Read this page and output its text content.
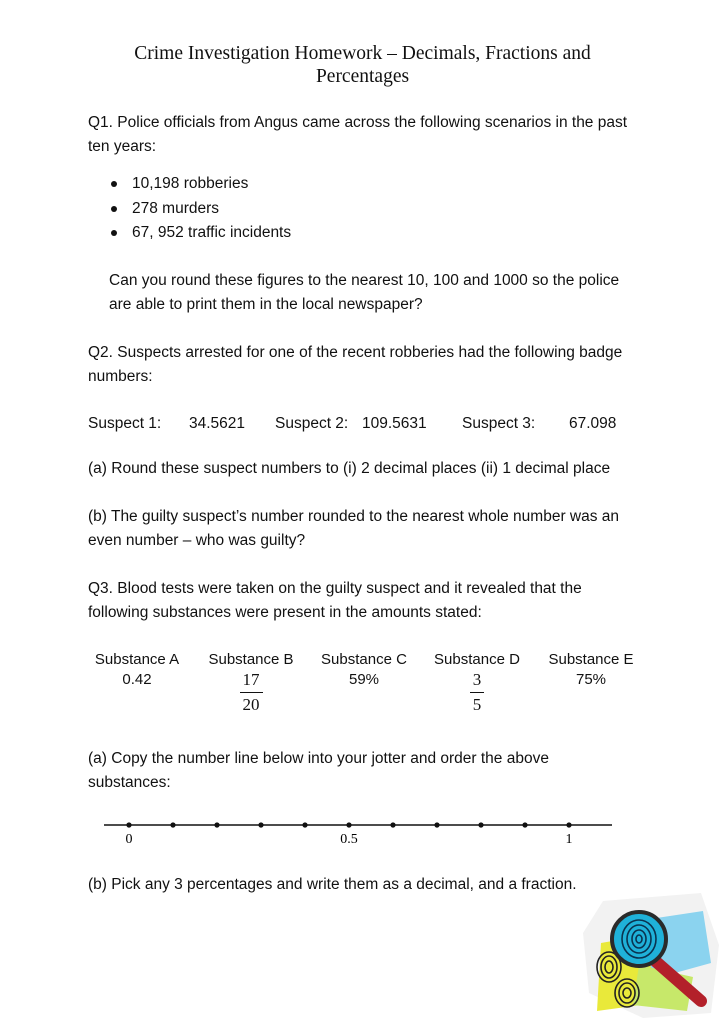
Crime Investigation Homework – Decimals, Fractions and
Percentages
Q1. Police officials from Angus came across the following scenarios in the past
ten years:
10,198 robberies
278 murders
67, 952 traffic incidents
Can you round these figures to the nearest 10, 100 and 1000 so the police
are able to print them in the local newspaper?
Q2. Suspects arrested for one of the recent robberies had the following badge
numbers:
Suspect 1: 34.5621 Suspect 2: 109.5631 Suspect 3: 67.098
(a) Round these suspect numbers to (i) 2 decimal places (ii) 1 decimal place
(b) The guilty suspect’s number rounded to the nearest whole number was an
even number – who was guilty?
Q3. Blood tests were taken on the guilty suspect and it revealed that the
following substances were present in the amounts stated:
Substance A
0.42
Substance B
$\frac{17}{20}$
Substance C
59%
Substance D
$\frac{3}{5}$
Substance E
75%
(a) Copy the number line below into your jotter and order the above
substances:
0	0.5	1
(b) Pick any 3 percentages and write them as a decimal, and a fraction.
